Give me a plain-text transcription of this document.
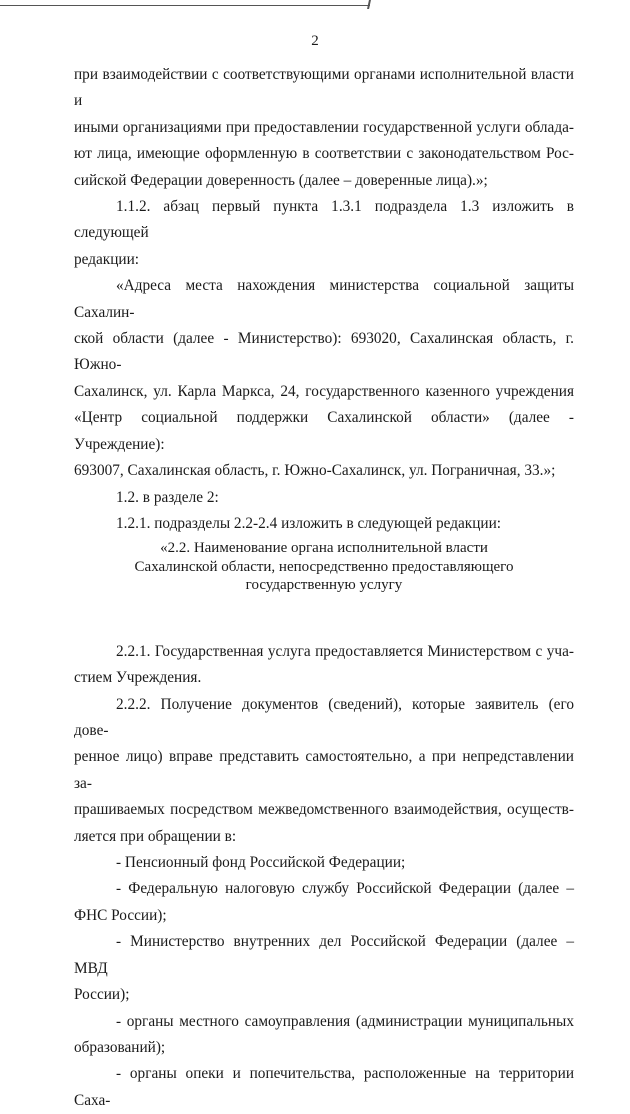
2

при взаимодействии с соответствующими органами исполнительной власти и

иными организациями при предоставлении государственной услуги облада-

ют лица, имеющие оформленную в соответствии с законодательством Рос-

сийской Федерации доверенность (далее – доверенные лица).»;

1.1.2. абзац первый пункта 1.3.1 подраздела 1.3 изложить в следующей

редакции:

«Адреса места нахождения министерства социальной защиты Сахалин-

ской области (далее - Министерство): 693020, Сахалинская область, г. Южно-

Сахалинск, ул. Карла Маркса, 24, государственного казенного учреждения

«Центр социальной поддержки Сахалинской области» (далее - Учреждение):

693007, Сахалинская область, г. Южно-Сахалинск, ул. Пограничная, 33.»;

1.2. в разделе 2:

1.2.1. подразделы 2.2-2.4 изложить в следующей редакции:

«2.2. Наименование органа исполнительной власти
Сахалинской области, непосредственно предоставляющего
государственную услугу

2.2.1. Государственная услуга предоставляется Министерством с уча-

стием Учреждения.

2.2.2. Получение документов (сведений), которые заявитель (его дове-

ренное лицо) вправе представить самостоятельно, а при непредставлении за-

прашиваемых посредством межведомственного взаимодействия, осуществ-

ляется при обращении в:

- Пенсионный фонд Российской Федерации;

- Федеральную налоговую службу Российской Федерации (далее –

ФНС России);

- Министерство внутренних дел Российской Федерации (далее – МВД

России);

- органы местного самоуправления (администрации муниципальных

образований);

- органы опеки и попечительства, расположенные на территории Саха-
